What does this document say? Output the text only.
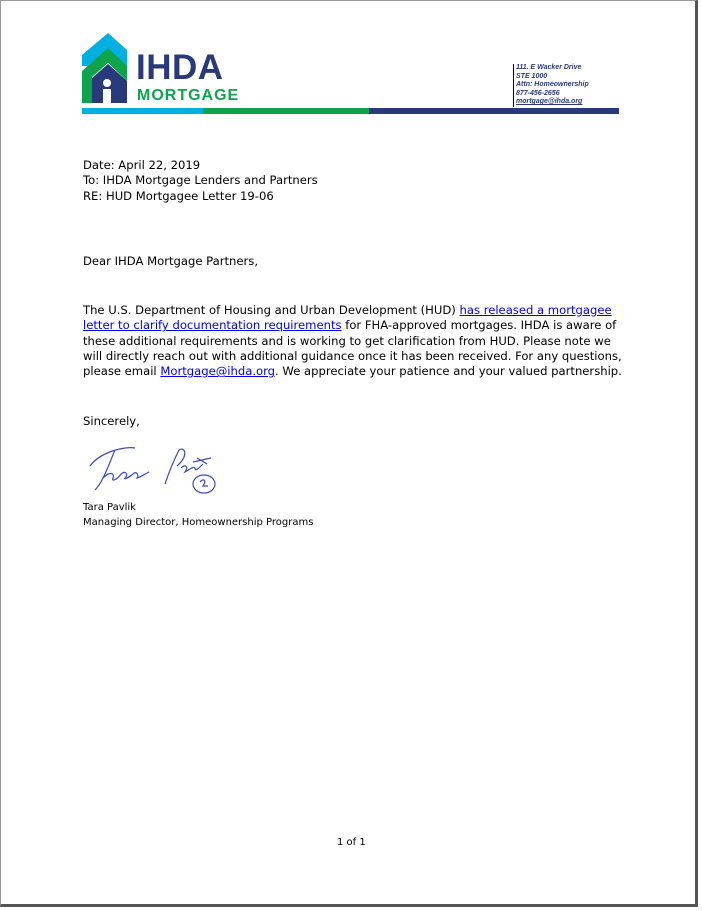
IHDA
MORTGAGE
111. E Wacker Drive
STE 1000
Attn: Homeownership
877-456-2656
mortgage@ihda.org
Date: April 22, 2019
To: IHDA Mortgage Lenders and Partners
RE: HUD Mortgagee Letter 19-06
Dear IHDA Mortgage Partners,
The U.S. Department of Housing and Urban Development (HUD) has released a mortgagee
letter to clarify documentation requirements for FHA-approved mortgages. IHDA is aware of
these additional requirements and is working to get clarification from HUD. Please note we
will directly reach out with additional guidance once it has been received. For any questions,
please email Mortgage@ihda.org. We appreciate your patience and your valued partnership.
Sincerely,
Tara Pavlik
Managing Director, Homeownership Programs
1 of 1
